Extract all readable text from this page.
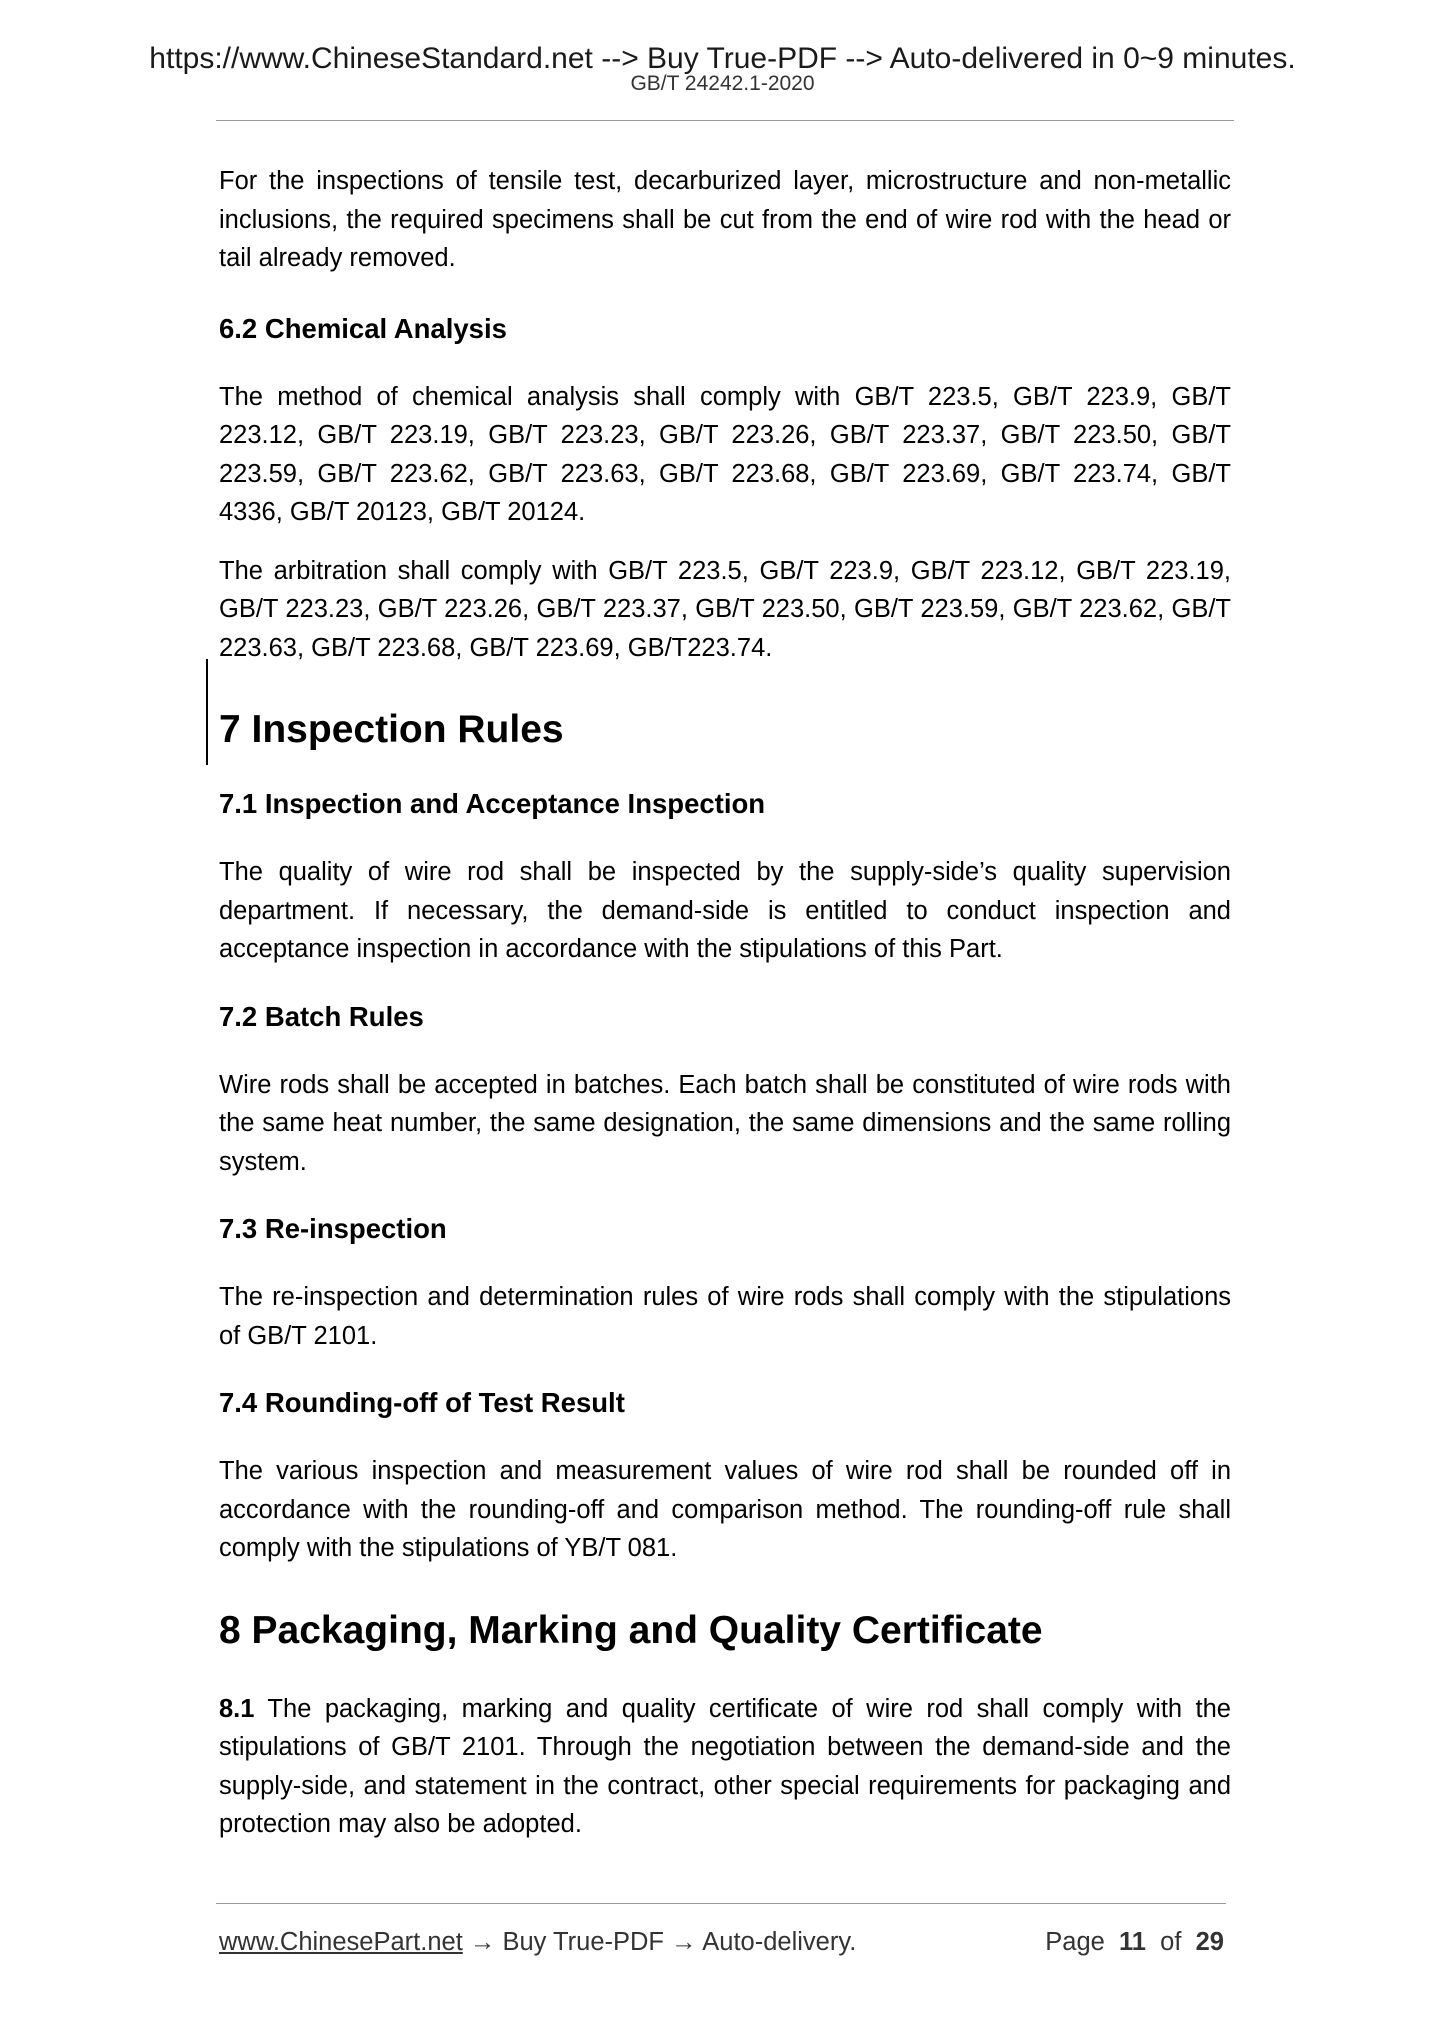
https://www.ChineseStandard.net --> Buy True-PDF --> Auto-delivered in 0~9 minutes.
GB/T 24242.1-2020

For the inspections of tensile test, decarburized layer, microstructure and non-metallic inclusions, the required specimens shall be cut from the end of wire rod with the head or tail already removed.

6.2 Chemical Analysis

The method of chemical analysis shall comply with GB/T 223.5, GB/T 223.9, GB/T 223.12, GB/T 223.19, GB/T 223.23, GB/T 223.26, GB/T 223.37, GB/T 223.50, GB/T 223.59, GB/T 223.62, GB/T 223.63, GB/T 223.68, GB/T 223.69, GB/T 223.74, GB/T 4336, GB/T 20123, GB/T 20124.

The arbitration shall comply with GB/T 223.5, GB/T 223.9, GB/T 223.12, GB/T 223.19, GB/T 223.23, GB/T 223.26, GB/T 223.37, GB/T 223.50, GB/T 223.59, GB/T 223.62, GB/T 223.63, GB/T 223.68, GB/T 223.69, GB/T223.74.

7 Inspection Rules
7.1 Inspection and Acceptance Inspection

The quality of wire rod shall be inspected by the supply-side’s quality supervision department. If necessary, the demand-side is entitled to conduct inspection and acceptance inspection in accordance with the stipulations of this Part.

7.2 Batch Rules

Wire rods shall be accepted in batches. Each batch shall be constituted of wire rods with the same heat number, the same designation, the same dimensions and the same rolling system.

7.3 Re-inspection

The re-inspection and determination rules of wire rods shall comply with the stipulations of GB/T 2101.

7.4 Rounding-off of Test Result

The various inspection and measurement values of wire rod shall be rounded off in accordance with the rounding-off and comparison method. The rounding-off rule shall comply with the stipulations of YB/T 081.

8 Packaging, Marking and Quality Certificate

8.1 The packaging, marking and quality certificate of wire rod shall comply with the stipulations of GB/T 2101. Through the negotiation between the demand-side and the supply-side, and statement in the contract, other special requirements for packaging and protection may also be adopted.

www.ChinesePart.net → Buy True-PDF → Auto-delivery.	Page 11 of 29
